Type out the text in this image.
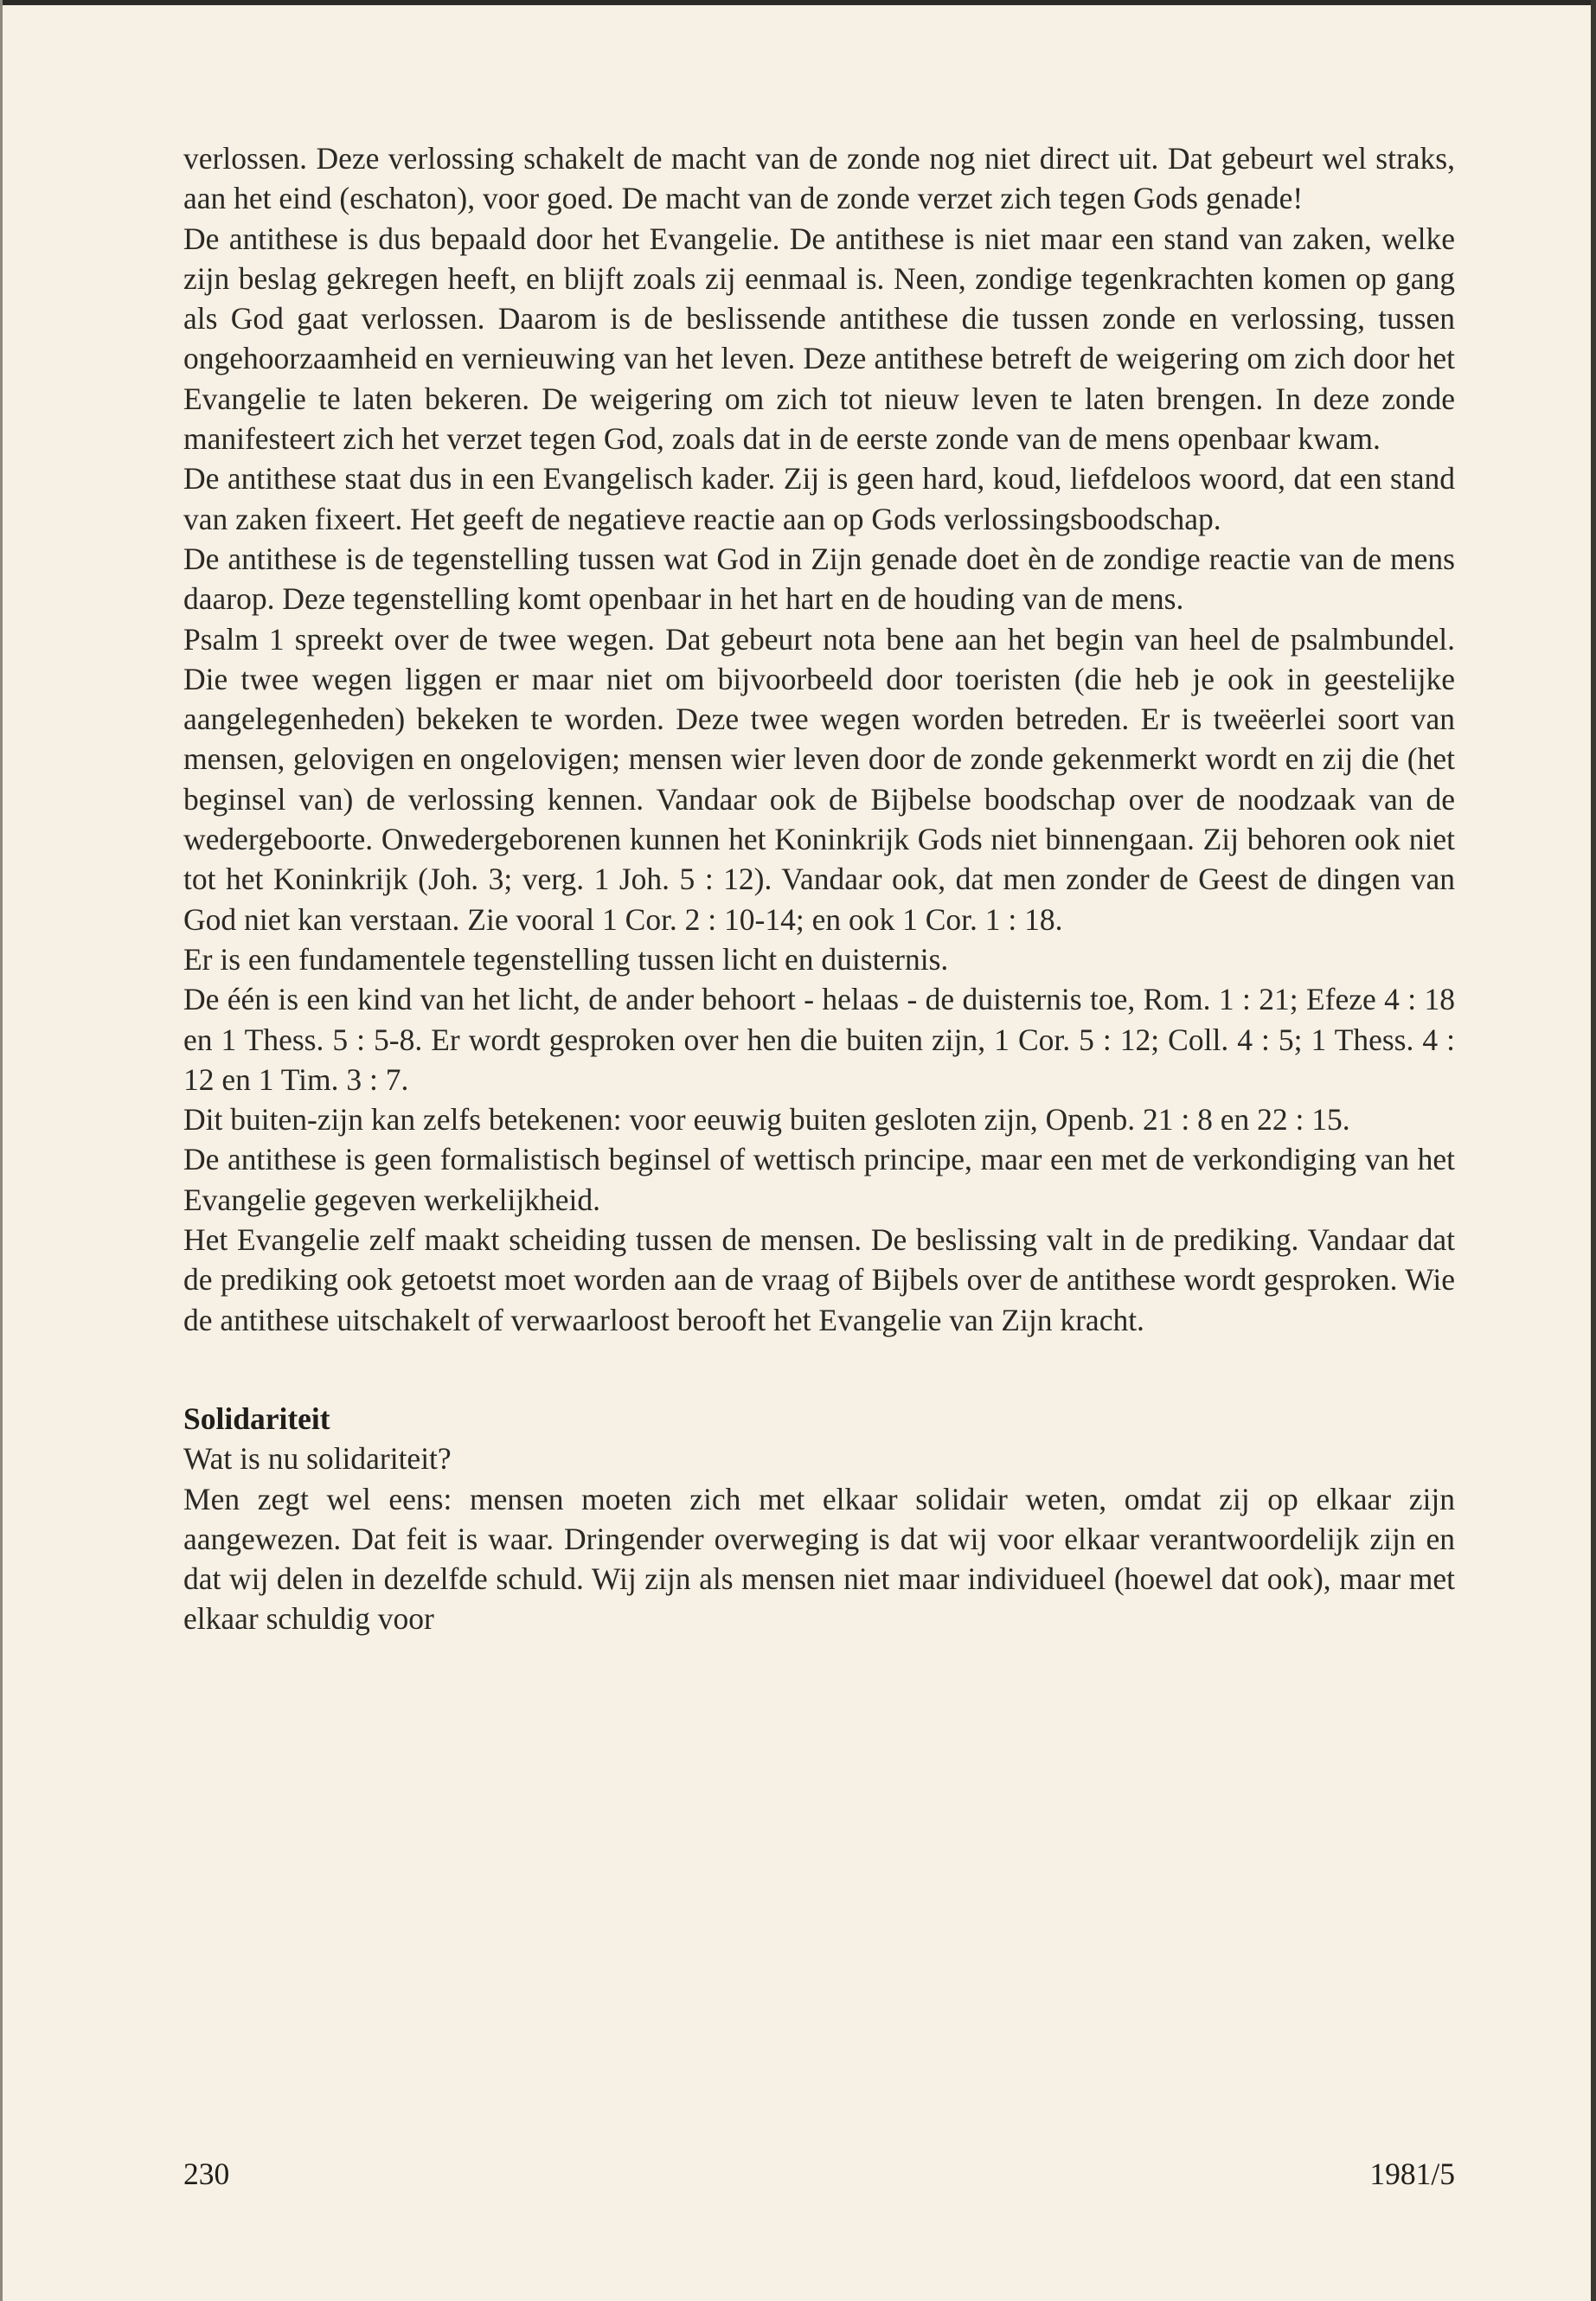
verlossen. Deze verlossing schakelt de macht van de zonde nog niet direct uit. Dat gebeurt wel straks, aan het eind (eschaton), voor goed. De macht van de zonde verzet zich tegen Gods genade!

De antithese is dus bepaald door het Evangelie. De antithese is niet maar een stand van zaken, welke zijn beslag gekregen heeft, en blijft zoals zij eenmaal is. Neen, zondige tegenkrachten komen op gang als God gaat verlossen. Daarom is de beslissende antithese die tussen zonde en verlossing, tussen ongehoorzaamheid en vernieuwing van het leven. Deze antithese betreft de weigering om zich door het Evangelie te laten bekeren. De weigering om zich tot nieuw leven te laten brengen. In deze zonde manifesteert zich het verzet tegen God, zoals dat in de eerste zonde van de mens openbaar kwam.

De antithese staat dus in een Evangelisch kader. Zij is geen hard, koud, liefdeloos woord, dat een stand van zaken fixeert. Het geeft de negatieve reactie aan op Gods verlossingsboodschap.

De antithese is de tegenstelling tussen wat God in Zijn genade doet èn de zondige reactie van de mens daarop. Deze tegenstelling komt openbaar in het hart en de houding van de mens.

Psalm 1 spreekt over de twee wegen. Dat gebeurt nota bene aan het begin van heel de psalmbundel. Die twee wegen liggen er maar niet om bijvoorbeeld door toeristen (die heb je ook in geestelijke aangelegenheden) bekeken te worden. Deze twee wegen worden betreden. Er is tweëerlei soort van mensen, gelovigen en ongelovigen; mensen wier leven door de zonde gekenmerkt wordt en zij die (het beginsel van) de verlossing kennen. Vandaar ook de Bijbelse boodschap over de noodzaak van de wedergeboorte. Onwedergeborenen kunnen het Koninkrijk Gods niet binnengaan. Zij behoren ook niet tot het Koninkrijk (Joh. 3; verg. 1 Joh. 5 : 12). Vandaar ook, dat men zonder de Geest de dingen van God niet kan verstaan. Zie vooral 1 Cor. 2 : 10-14; en ook 1 Cor. 1 : 18.

Er is een fundamentele tegenstelling tussen licht en duisternis.

De één is een kind van het licht, de ander behoort - helaas - de duisternis toe, Rom. 1 : 21; Efeze 4 : 18 en 1 Thess. 5 : 5-8. Er wordt gesproken over hen die buiten zijn, 1 Cor. 5 : 12; Coll. 4 : 5; 1 Thess. 4 : 12 en 1 Tim. 3 : 7.

Dit buiten-zijn kan zelfs betekenen: voor eeuwig buiten gesloten zijn, Openb. 21 : 8 en 22 : 15.

De antithese is geen formalistisch beginsel of wettisch principe, maar een met de verkondiging van het Evangelie gegeven werkelijkheid.

Het Evangelie zelf maakt scheiding tussen de mensen. De beslissing valt in de prediking. Vandaar dat de prediking ook getoetst moet worden aan de vraag of Bijbels over de antithese wordt gesproken. Wie de antithese uitschakelt of verwaarloost berooft het Evangelie van Zijn kracht.

Solidariteit

Wat is nu solidariteit?

Men zegt wel eens: mensen moeten zich met elkaar solidair weten, omdat zij op elkaar zijn aangewezen. Dat feit is waar. Dringender overweging is dat wij voor elkaar verantwoordelijk zijn en dat wij delen in dezelfde schuld. Wij zijn als mensen niet maar individueel (hoewel dat ook), maar met elkaar schuldig voor

230	1981/5
